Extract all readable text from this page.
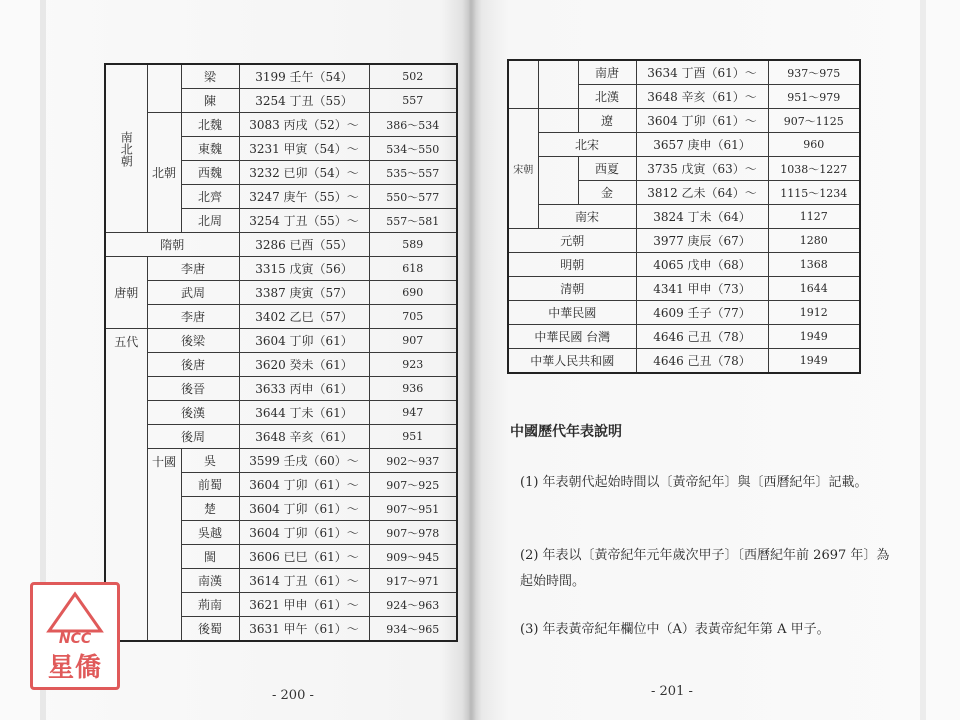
南北朝		梁	3199 壬午（54）	502
		陳	3254 丁丑（55）	557
	北朝	北魏	3083 丙戌（52）～	386～534
		東魏	3231 甲寅（54）～	534～550
		西魏	3232 已卯（54）～	535～557
		北齊	3247 庚午（55）～	550～577
		北周	3254 丁丑（55）～	557～581
隋朝			3286 已酉（55）	589
唐朝	李唐		3315 戊寅（56）	618
	武周		3387 庚寅（57）	690
	李唐		3402 乙巳（57）	705
五代	後梁		3604 丁卯（61）	907
	後唐		3620 癸未（61）	923
	後晉		3633 丙申（61）	936
	後漢		3644 丁未（61）	947
	後周		3648 辛亥（61）	951
	十國	吳	3599 壬戌（60）～	902～937
		前蜀	3604 丁卯（61）～	907～925
		楚	3604 丁卯（61）～	907～951
		吳越	3604 丁卯（61）～	907～978
		閩	3606 已巳（61）～	909～945
		南漢	3614 丁丑（61）～	917～971
		荊南	3621 甲申（61）～	924～963
		後蜀	3631 甲午（61）～	934～965
- 200 -
		南唐	3634 丁酉（61）～	937～975
		北漢	3648 辛亥（61）～	951～979
宋朝		遼	3604 丁卯（61）～	907～1125
	北宋		3657 庚申（61）	960
		西夏	3735 戊寅（63）～	1038～1227
		金	3812 乙未（64）～	1115～1234
	南宋		3824 丁未（64）	1127
元朝			3977 庚辰（67）	1280
明朝			4065 戊申（68）	1368
清朝			4341 甲申（73）	1644
中華民國			4609 壬子（77）	1912
中華民國 台灣			4646 己丑（78）	1949
中華人民共和國			4646 己丑（78）	1949
中國歷代年表說明
(1) 年表朝代起始時間以〔黃帝紀年〕與〔西曆紀年〕記載。
(2) 年表以〔黃帝紀年元年歲次甲子〕〔西曆紀年前 2697 年〕為起始時間。
(3) 年表黃帝紀年欄位中（A）表黃帝紀年第 A 甲子。
- 201 -
NCC
星僑
